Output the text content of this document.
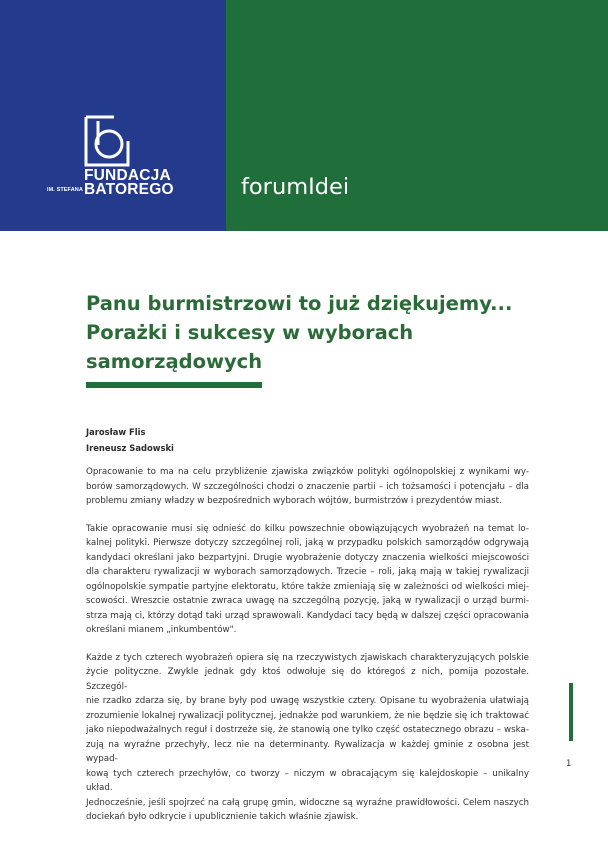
IM. STEFANA
FUNDACJA
BATOREGO	forumIdei
Panu burmistrzowi to już dziękujemy...
Porażki i sukcesy w wyborach
samorządowych
Jarosław Flis
Ireneusz Sadowski
Opracowanie to ma na celu przybliżenie zjawiska związków polityki ogólnopolskiej z wynikami wy-
borów samorządowych. W szczególności chodzi o znaczenie partii – ich tożsamości i potencjału – dla
problemu zmiany władzy w bezpośrednich wyborach wójtów, burmistrzów i prezydentów miast.
Takie opracowanie musi się odnieść do kilku powszechnie obowiązujących wyobrażeń na temat lo-
kalnej polityki. Pierwsze dotyczy szczególnej roli, jaką w przypadku polskich samorządów odgrywają
kandydaci określani jako bezpartyjni. Drugie wyobrażenie dotyczy znaczenia wielkości miejscowości
dla charakteru rywalizacji w wyborach samorządowych. Trzecie – roli, jaką mają w takiej rywalizacji
ogólnopolskie sympatie partyjne elektoratu, które także zmieniają się w zależności od wielkości miej-
scowości. Wreszcie ostatnie zwraca uwagę na szczególną pozycję, jaką w rywalizacji o urząd burmi-
strza mają ci, którzy dotąd taki urząd sprawowali. Kandydaci tacy będą w dalszej części opracowania
określani mianem „inkumbentów".
Każde z tych czterech wyobrażeń opiera się na rzeczywistych zjawiskach charakteryzujących polskie
życie polityczne. Zwykle jednak gdy ktoś odwołuje się do któregoś z nich, pomija pozostałe. Szczegól-
nie rzadko zdarza się, by brane były pod uwagę wszystkie cztery. Opisane tu wyobrażenia ułatwiają
zrozumienie lokalnej rywalizacji politycznej, jednakże pod warunkiem, że nie będzie się ich traktować
jako niepodważalnych reguł i dostrzeże się, że stanowią one tylko część ostatecznego obrazu – wska-
zują na wyraźne przechyły, lecz nie na determinanty. Rywalizacja w każdej gminie z osobna jest wypad-
kową tych czterech przechyłów, co tworzy – niczym w obracającym się kalejdoskopie – unikalny układ.
Jednocześnie, jeśli spojrzeć na całą grupę gmin, widoczne są wyraźne prawidłowości. Celem naszych
dociekań było odkrycie i upublicznienie takich właśnie zjawisk.
1
